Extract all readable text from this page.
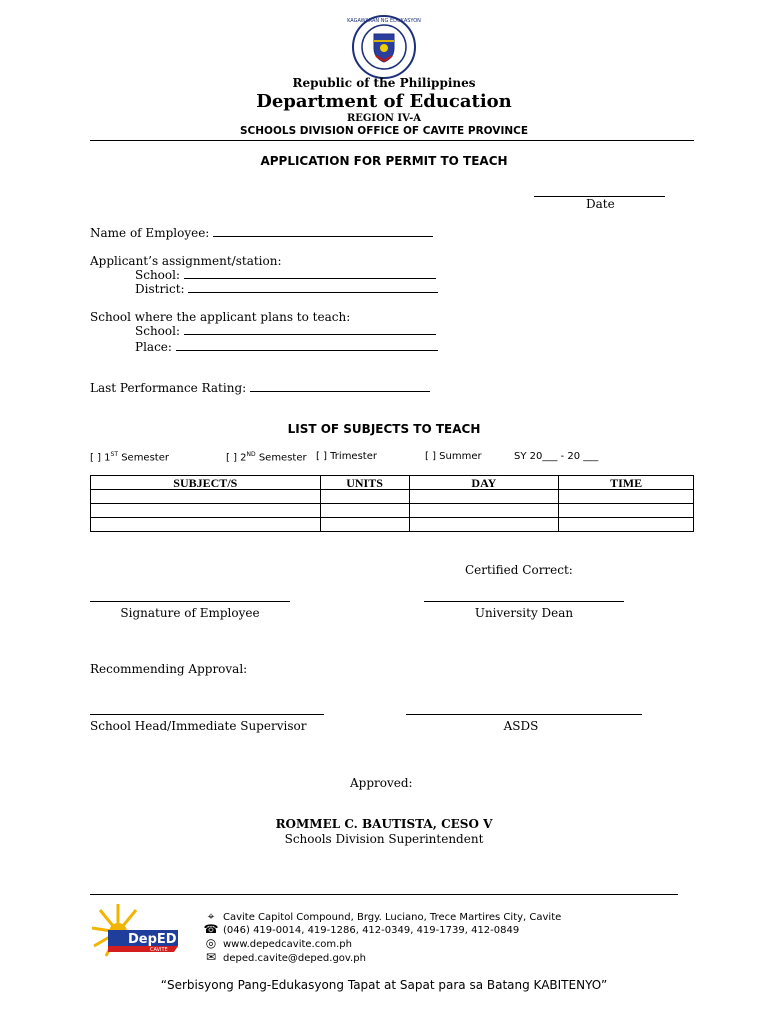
KAGAWARAN NG EDUKASYON
Republic of the Philippines
Department of Education
REGION IV-A
SCHOOLS DIVISION OFFICE OF CAVITE PROVINCE
APPLICATION FOR PERMIT TO TEACH
Date
Name of Employee:
Applicant’s assignment/station:
School:
District:
School where the applicant plans to teach:
School:
Place:
Last Performance Rating:
LIST OF SUBJECTS TO TEACH
[ ] 1ST Semester	[ ] 2ND Semester [ ] Trimester	[ ] Summer	SY 20___ - 20 ___
SUBJECT/S	UNITS	DAY	TIME

Certified Correct:
Signature of Employee	University Dean
Recommending Approval:
School Head/Immediate Supervisor	ASDS
Approved:
ROMMEL C. BAUTISTA, CESO V
Schools Division Superintendent
DepED
CAVITE
⌖ Cavite Capitol Compound, Brgy. Luciano, Trece Martires City, Cavite
☎ (046) 419-0014, 419-1286, 412-0349, 419-1739, 412-0849
◎ www.depedcavite.com.ph
✉ deped.cavite@deped.gov.ph
“Serbisyong Pang-Edukasyong Tapat at Sapat para sa Batang KABITENYO”
